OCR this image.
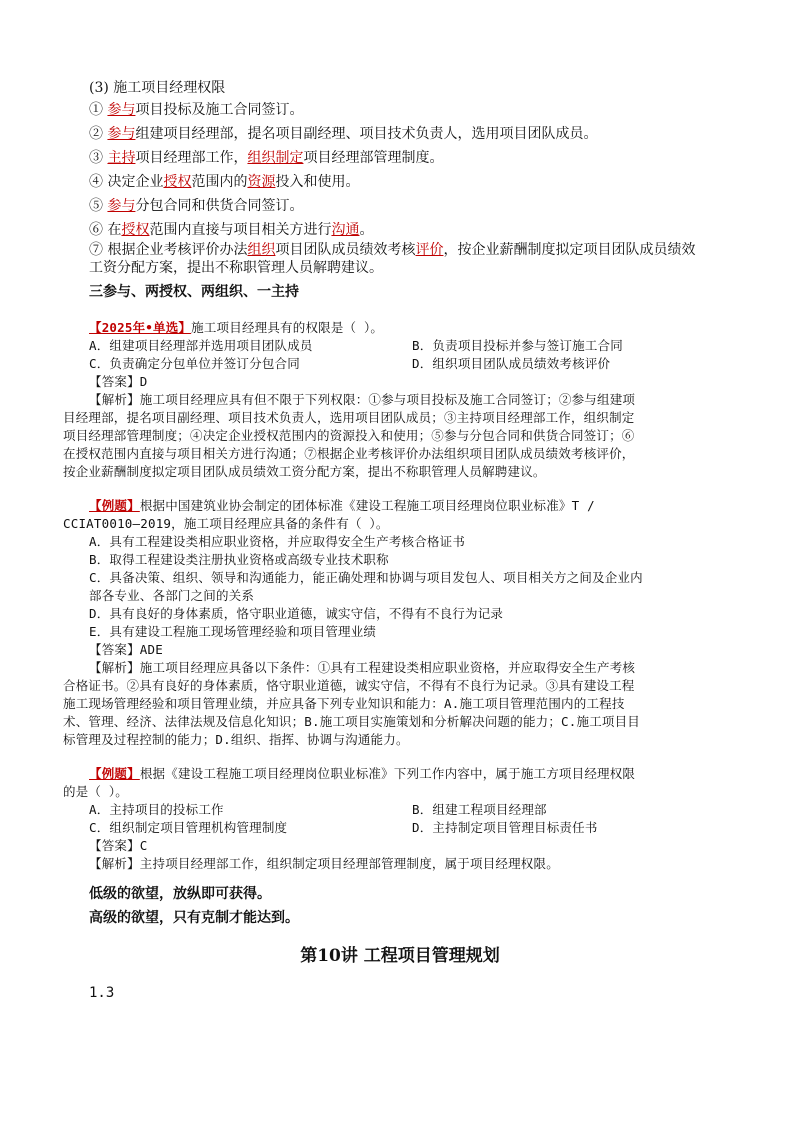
(3) 施工项目经理权限
① 参与项目投标及施工合同签订。
② 参与组建项目经理部，提名项目副经理、项目技术负责人，选用项目团队成员。
③ 主持项目经理部工作，组织制定项目经理部管理制度。
④ 决定企业授权范围内的资源投入和使用。
⑤ 参与分包合同和供货合同签订。
⑥ 在授权范围内直接与项目相关方进行沟通。
⑦ 根据企业考核评价办法组织项目团队成员绩效考核评价，按企业薪酬制度拟定项目团队成员绩效
工资分配方案，提出不称职管理人员解聘建议。
三参与、两授权、两组织、一主持
【2025年•单选】施工项目经理具有的权限是（ ）。
A．组建项目经理部并选用项目团队成员	B．负责项目投标并参与签订施工合同
C．负责确定分包单位并签订分包合同	D．组织项目团队成员绩效考核评价
【答案】D
【解析】施工项目经理应具有但不限于下列权限：①参与项目投标及施工合同签订；②参与组建项
目经理部，提名项目副经理、项目技术负责人，选用项目团队成员；③主持项目经理部工作，组织制定
项目经理部管理制度；④决定企业授权范围内的资源投入和使用；⑤参与分包合同和供货合同签订；⑥
在授权范围内直接与项目相关方进行沟通；⑦根据企业考核评价办法组织项目团队成员绩效考核评价，
按企业薪酬制度拟定项目团队成员绩效工资分配方案，提出不称职管理人员解聘建议。
【例题】根据中国建筑业协会制定的团体标准《建设工程施工项目经理岗位职业标准》T /
CCIAT0010—2019，施工项目经理应具备的条件有（ ）。
A．具有工程建设类相应职业资格，并应取得安全生产考核合格证书
B．取得工程建设类注册执业资格或高级专业技术职称
C．具备决策、组织、领导和沟通能力，能正确处理和协调与项目发包人、项目相关方之间及企业内
部各专业、各部门之间的关系
D．具有良好的身体素质，恪守职业道德，诚实守信，不得有不良行为记录
E．具有建设工程施工现场管理经验和项目管理业绩
【答案】ADE
【解析】施工项目经理应具备以下条件：①具有工程建设类相应职业资格，并应取得安全生产考核
合格证书。②具有良好的身体素质，恪守职业道德，诚实守信，不得有不良行为记录。③具有建设工程
施工现场管理经验和项目管理业绩，并应具备下列专业知识和能力：A.施工项目管理范围内的工程技
术、管理、经济、法律法规及信息化知识；B.施工项目实施策划和分析解决问题的能力；C.施工项目目
标管理及过程控制的能力；D.组织、指挥、协调与沟通能力。
【例题】根据《建设工程施工项目经理岗位职业标准》下列工作内容中，属于施工方项目经理权限
的是（ ）。
A．主持项目的投标工作	B．组建工程项目经理部
C．组织制定项目管理机构管理制度	D．主持制定项目管理目标责任书
【答案】C
【解析】主持项目经理部工作，组织制定项目经理部管理制度，属于项目经理权限。
低级的欲望，放纵即可获得。
高级的欲望，只有克制才能达到。
第10讲 工程项目管理规划
1.3
